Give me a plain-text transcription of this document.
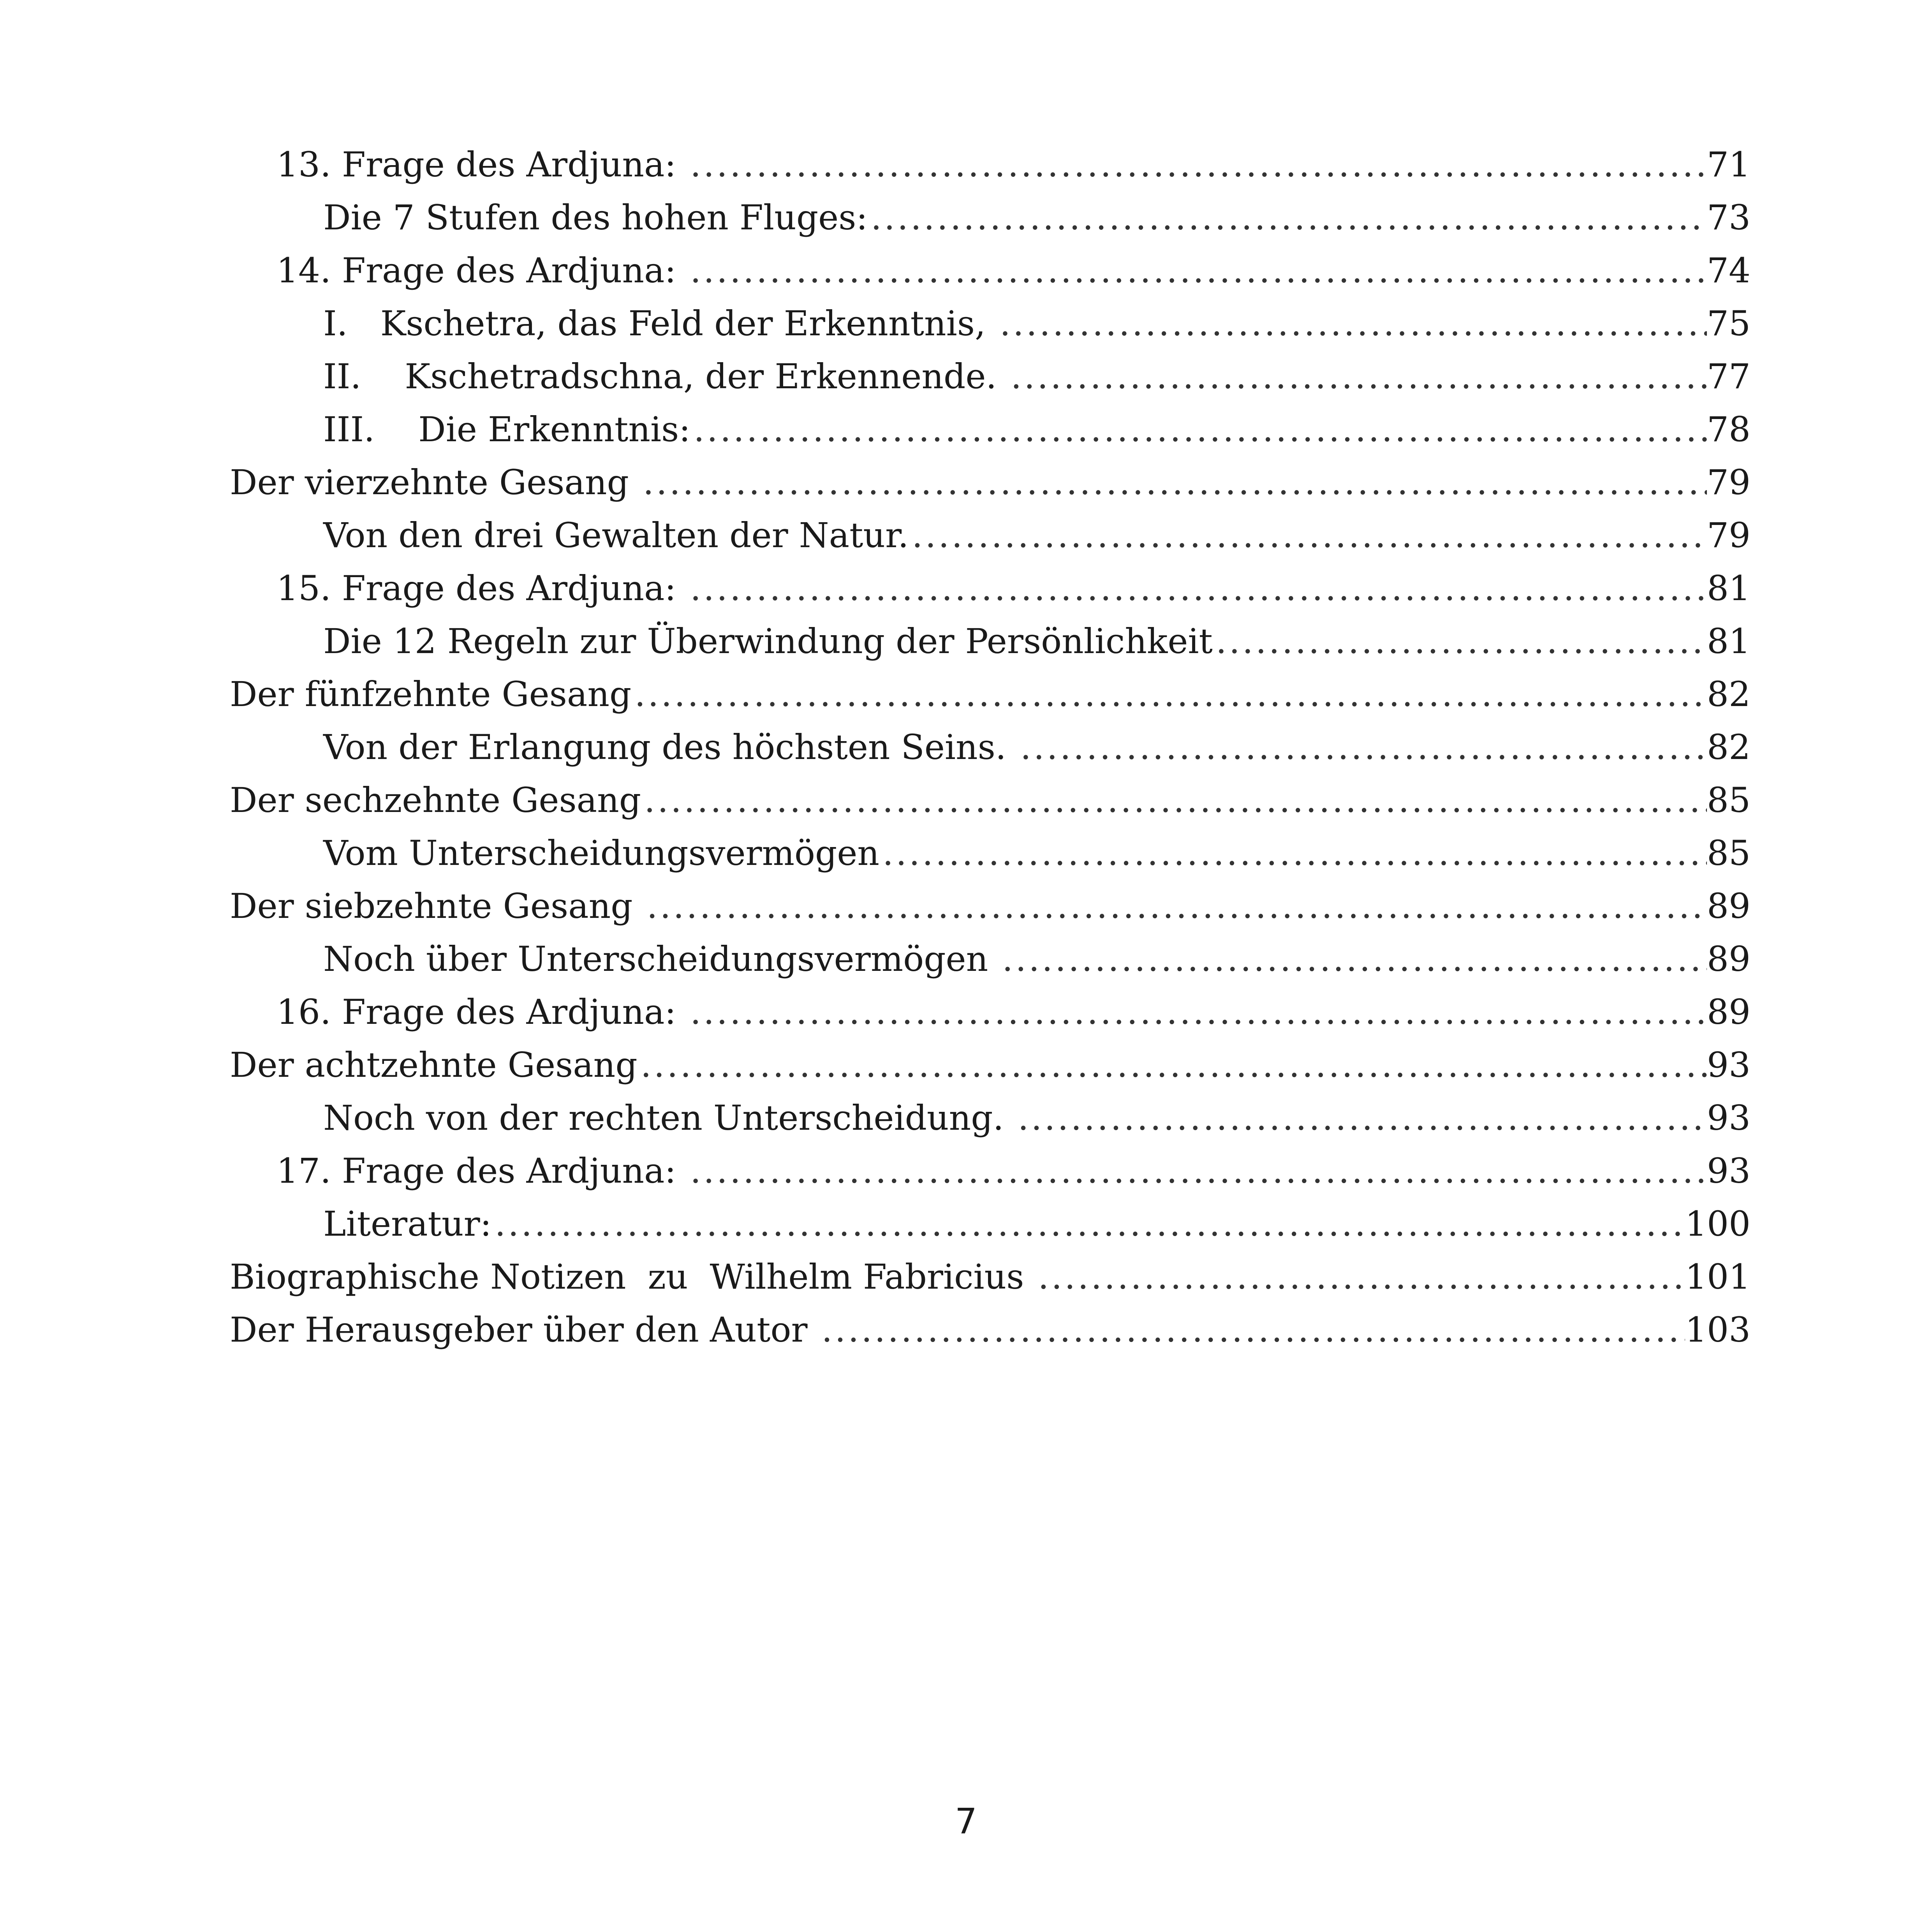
13. Frage des Ardjuna: .....	71
Die 7 Stufen des hohen Fluges: .....	73
14. Frage des Ardjuna: .....	74
I.   Kschetra, das Feld der Erkenntnis, .....	75
II.    Kschetradschna, der Erkennende. .....	77
III.    Die Erkenntnis: .....	78
Der vierzehnte Gesang .....	79
Von den drei Gewalten der Natur. .....	79
15. Frage des Ardjuna: .....	81
Die 12 Regeln zur Überwindung der Persönlichkeit .....	81
Der fünfzehnte Gesang .....	82
Von der Erlangung des höchsten Seins. .....	82
Der sechzehnte Gesang .....	85
Vom Unterscheidungsvermögen .....	85
Der siebzehnte Gesang .....	89
Noch über Unterscheidungsvermögen .....	89
16. Frage des Ardjuna: .....	89
Der achtzehnte Gesang .....	93
Noch von der rechten Unterscheidung. .....	93
17. Frage des Ardjuna: .....	93
Literatur: .....	100
Biographische Notizen  zu  Wilhelm Fabricius .....	101
Der Herausgeber über den Autor .....	103
7
